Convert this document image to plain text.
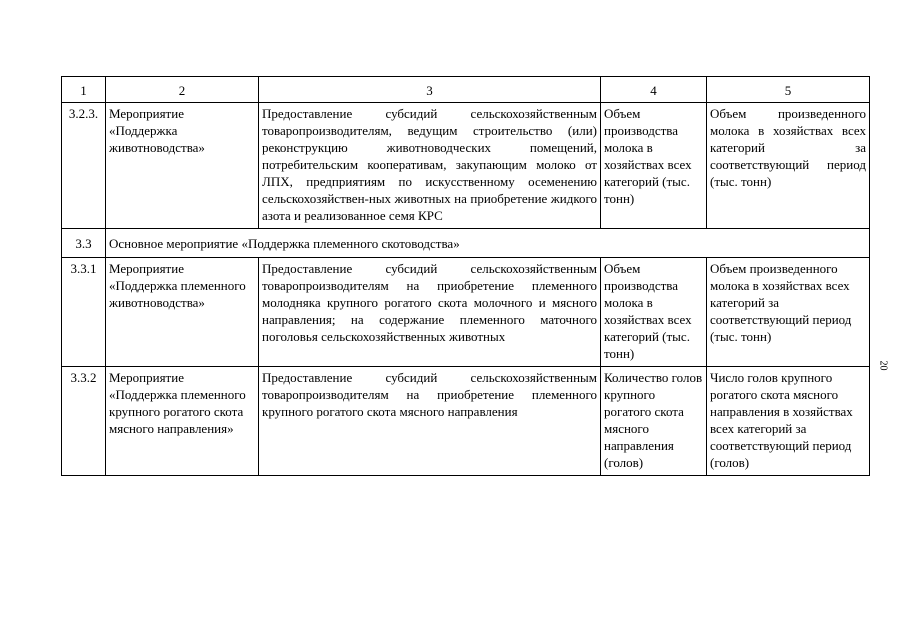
1	2	3	4	5
3.2.3.	Мероприятие «Поддержка животноводства»	Предоставление субсидий сельскохозяйственным товаропроизводителям, ведущим строительство (или) реконструкцию животноводческих помещений, потребительским кооперативам, закупающим молоко от ЛПХ, предприятиям по искусственному осеменению сельскохозяйствен-ных животных на приобретение жидкого азота и реализованное семя КРС	Объем производства молока в хозяйствах всех категорий (тыс. тонн)	Объем произведенного молока в хозяйствах всех категорий за соответствующий период (тыс. тонн)
3.3	Основное мероприятие «Поддержка племенного скотоводства»			
3.3.1	Мероприятие «Поддержка племенного животноводства»	Предоставление субсидий сельскохозяйственным товаропроизводителям на приобретение племенного молодняка крупного рогатого скота молочного и мясного направления; на содержание племенного маточного поголовья сельскохозяйственных животных	Объем производства молока в хозяйствах всех категорий (тыс. тонн)	Объем произведенного молока в хозяйствах всех категорий за соответствующий период (тыс. тонн)
3.3.2	Мероприятие «Поддержка племенного крупного рогатого скота мясного направления»	Предоставление субсидий сельскохозяйственным товаропроизводителям на приобретение племенного крупного рогатого скота мясного направления	Количество голов крупного рогатого скота мясного направления (голов)	Число голов крупного рогатого скота мясного направления в хозяйствах всех категорий за соответствующий период (голов)
20
